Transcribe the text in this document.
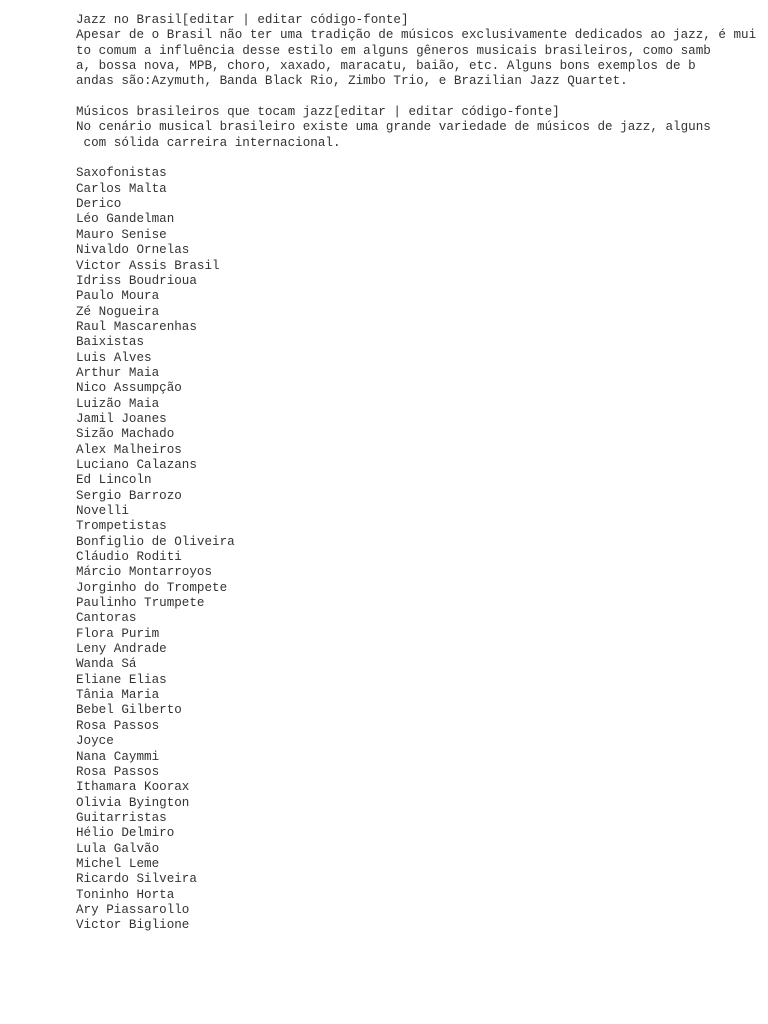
Jazz no Brasil[editar | editar código-fonte]
Apesar de o Brasil não ter uma tradição de músicos exclusivamente dedicados ao jazz, é mui
to comum a influência desse estilo em alguns gêneros musicais brasileiros, como samb
a, bossa nova, MPB, choro, xaxado, maracatu, baião, etc. Alguns bons exemplos de b
andas são:Azymuth, Banda Black Rio, Zimbo Trio, e Brazilian Jazz Quartet.
Músicos brasileiros que tocam jazz[editar | editar código-fonte]
No cenário musical brasileiro existe uma grande variedade de músicos de jazz, alguns
com sólida carreira internacional.
Saxofonistas
Carlos Malta
Derico
Léo Gandelman
Mauro Senise
Nivaldo Ornelas
Victor Assis Brasil
Idriss Boudrioua
Paulo Moura
Zé Nogueira
Raul Mascarenhas
Baixistas
Luis Alves
Arthur Maia
Nico Assumpção
Luizão Maia
Jamil Joanes
Sizão Machado
Alex Malheiros
Luciano Calazans
Ed Lincoln
Sergio Barrozo
Novelli
Trompetistas
Bonfiglio de Oliveira
Cláudio Roditi
Márcio Montarroyos
Jorginho do Trompete
Paulinho Trumpete
Cantoras
Flora Purim
Leny Andrade
Wanda Sá
Eliane Elias
Tânia Maria
Bebel Gilberto
Rosa Passos
Joyce
Nana Caymmi
Rosa Passos
Ithamara Koorax
Olivia Byington
Guitarristas
Hélio Delmiro
Lula Galvão
Michel Leme
Ricardo Silveira
Toninho Horta
Ary Piassarollo
Victor Biglione
